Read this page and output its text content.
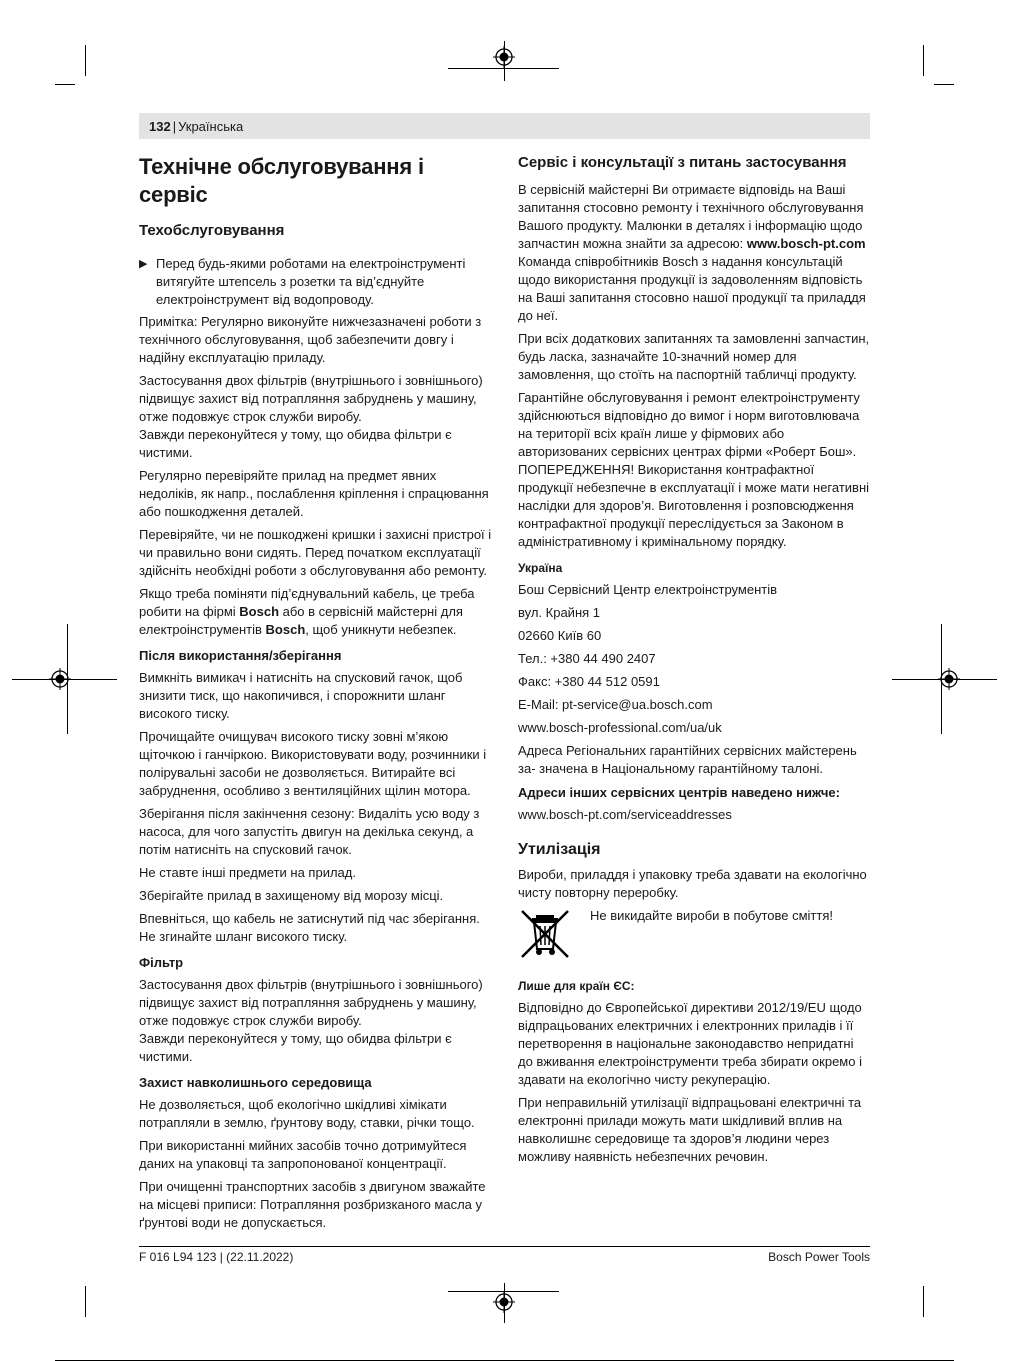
132 | Українська
Технічне обслуговування і сервіс
Техобслуговування
▶ Перед будь-якими роботами на електроінструменті витягуйте штепсель з розетки та від’єднуйте електроінструмент від водопроводу.

Примітка: Регулярно виконуйте нижчезазначені роботи з технічного обслуговування, щоб забезпечити довгу і надійну експлуатацію приладу.

Застосування двох фільтрів (внутрішнього і зовнішнього) підвищує захист від потрапляння забруднень у машину, отже подовжує строк служби виробу.

Завжди переконуйтеся у тому, що обидва фільтри є чистими.

Регулярно перевіряйте прилад на предмет явних недоліків, як напр., послаблення кріплення і спрацювання або пошкодження деталей.

Перевіряйте, чи не пошкоджені кришки і захисні пристрої і чи правильно вони сидять. Перед початком експлуатації здійсніть необхідні роботи з обслуговування або ремонту.

Якщо треба поміняти під’єднувальний кабель, це треба робити на фірмі Bosch або в сервісній майстерні для електроінструментів Bosch, щоб уникнути небезпек.

Після використання/зберігання

Вимкніть вимикач і натисніть на спусковий гачок, щоб знизити тиск, що накопичився, і спорожнити шланг високого тиску.

Прочищайте очищувач високого тиску зовні м’якою щіточкою і ганчіркою. Використовувати воду, розчинники і полірувальні засоби не дозволяється. Витирайте всі забруднення, особливо з вентиляційних щілин мотора.

Зберігання після закінчення сезону: Видаліть усю воду з насоса, для чого запустіть двигун на декілька секунд, а потім натисніть на спусковий гачок.

Не ставте інші предмети на прилад.

Зберігайте прилад в захищеному від морозу місці.

Впевніться, що кабель не затиснутий під час зберігання. Не згинайте шланг високого тиску.

Фільтр

Застосування двох фільтрів (внутрішнього і зовнішнього) підвищує захист від потрапляння забруднень у машину, отже подовжує строк служби виробу.

Завжди переконуйтеся у тому, що обидва фільтри є чистими.

Захист навколишнього середовища

Не дозволяється, щоб екологічно шкідливі хімікати потрапляли в землю, ґрунтову воду, ставки, річки тощо.

При використанні мийних засобів точно дотримуйтеся даних на упаковці та запропонованої концентрації.

При очищенні транспортних засобів з двигуном зважайте на місцеві приписи: Потрапляння розбризканого масла у ґрунтові води не допускається.

Сервіс і консультації з питань застосування

В сервісній майстерні Ви отримаєте відповідь на Ваші запитання стосовно ремонту і технічного обслуговування Вашого продукту. Малюнки в деталях і інформацію щодо запчастин можна знайти за адресою: www.bosch-pt.com
Команда співробітників Bosch з надання консультацій щодо використання продукції із задоволенням відповість на Ваші запитання стосовно нашої продукції та приладдя до неї.

При всіх додаткових запитаннях та замовленні запчастин, будь ласка, зазначайте 10-значний номер для замовлення, що стоїть на паспортній табличці продукту.

Гарантійне обслуговування і ремонт електроінструменту здійснюються відповідно до вимог і норм виготовлювача на території всіх країн лише у фірмових або авторизованих сервісних центрах фірми «Роберт Бош». ПОПЕРЕДЖЕННЯ! Використання контрафактної продукції небезпечне в експлуатації і може мати негативні наслідки для здоров’я. Виготовлення і розповсюдження контрафактної продукції переслідується за Законом в адміністративному і кримінальному порядку.

Україна

Бош Сервісний Центр електроінструментів

вул. Крайня 1

02660 Київ 60

Тел.: +380 44 490 2407

Факс: +380 44 512 0591

E-Mail: pt-service@ua.bosch.com

www.bosch-professional.com/ua/uk

Адреса Регіональних гарантійних сервісних майстерень за- значена в Національному гарантійному талоні.

Адреси інших сервісних центрів наведено нижче:

www.bosch-pt.com/serviceaddresses

Утилізація

Вироби, приладдя і упаковку треба здавати на екологічно чисту повторну переробку.

Не викидайте вироби в побутове сміття!
Лише для країн ЄС:

Відповідно до Європейської директиви 2012/19/EU щодо відпрацьованих електричних і електронних приладів і її перетворення в національне законодавство непридатні до вживання електроінструменти треба збирати окремо і здавати на екологічно чисту рекуперацію.

При неправильній утилізації відпрацьовані електричні та електронні прилади можуть мати шкідливий вплив на навколишнє середовище та здоров’я людини через можливу наявність небезпечних речовин.

F 016 L94 123 | (22.11.2022)	Bosch Power Tools
